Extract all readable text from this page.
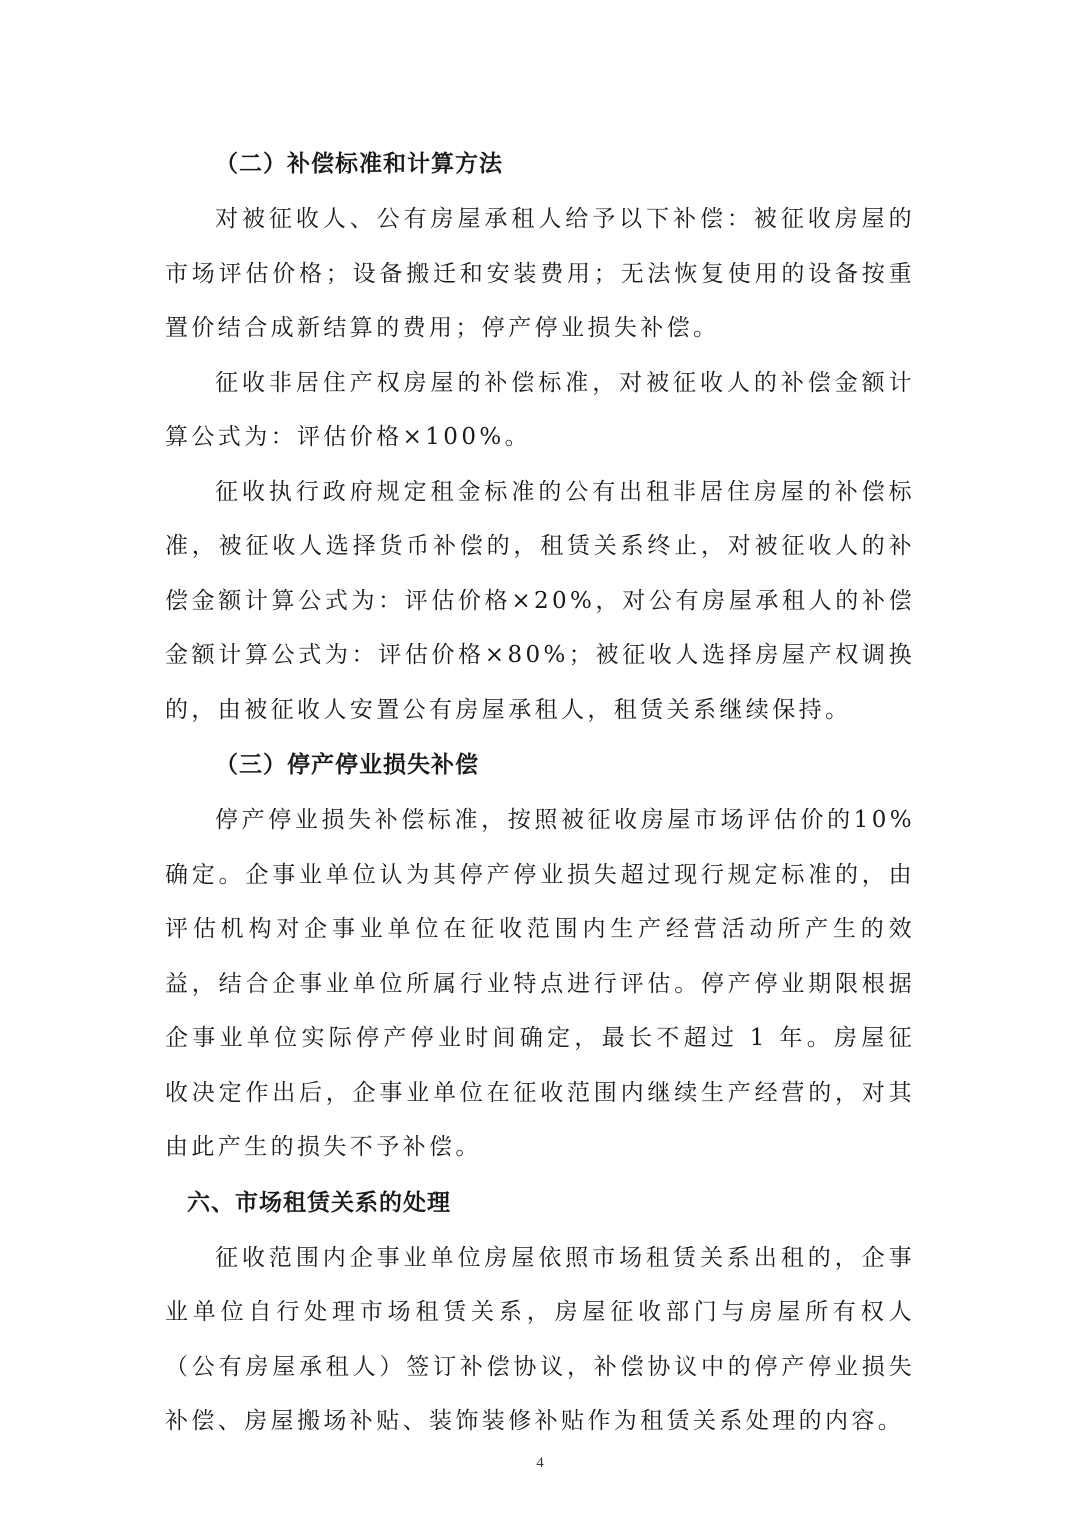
（二）补偿标准和计算方法

对被征收人、公有房屋承租人给予以下补偿：被征收房屋的市场评估价格；设备搬迁和安装费用；无法恢复使用的设备按重置价结合成新结算的费用；停产停业损失补偿。

征收非居住产权房屋的补偿标准，对被征收人的补偿金额计算公式为：评估价格×100%。

征收执行政府规定租金标准的公有出租非居住房屋的补偿标准，被征收人选择货币补偿的，租赁关系终止，对被征收人的补偿金额计算公式为：评估价格×20%，对公有房屋承租人的补偿金额计算公式为：评估价格×80%；被征收人选择房屋产权调换的，由被征收人安置公有房屋承租人，租赁关系继续保持。

（三）停产停业损失补偿

停产停业损失补偿标准，按照被征收房屋市场评估价的10%确定。企事业单位认为其停产停业损失超过现行规定标准的，由评估机构对企事业单位在征收范围内生产经营活动所产生的效益，结合企事业单位所属行业特点进行评估。停产停业期限根据企事业单位实际停产停业时间确定，最长不超过 1 年。房屋征收决定作出后，企事业单位在征收范围内继续生产经营的，对其由此产生的损失不予补偿。

六、市场租赁关系的处理

征收范围内企事业单位房屋依照市场租赁关系出租的，企事业单位自行处理市场租赁关系，房屋征收部门与房屋所有权人（公有房屋承租人）签订补偿协议，补偿协议中的停产停业损失补偿、房屋搬场补贴、装饰装修补贴作为租赁关系处理的内容。

4
